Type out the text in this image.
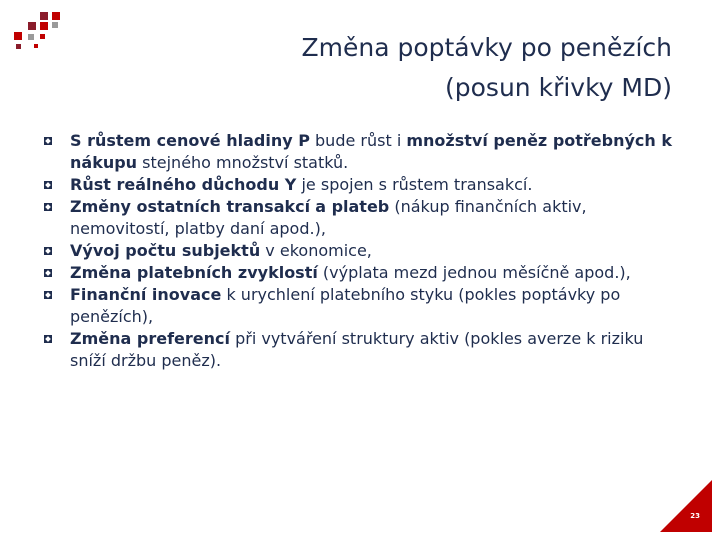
Změna poptávky po penězích
(posun křivky MD)
S růstem cenové hladiny P bude růst i množství peněz potřebných k nákupu stejného množství statků.
Růst reálného důchodu Y je spojen s růstem transakcí.
Změny ostatních transakcí a plateb (nákup finančních aktiv, nemovitostí, platby daní apod.),
Vývoj počtu subjektů v ekonomice,
Změna platebních zvyklostí (výplata mezd jednou měsíčně apod.),
Finanční inovace k urychlení platebního styku (pokles poptávky po penězích),
Změna preferencí při vytváření struktury aktiv (pokles averze k riziku sníží držbu peněz).
23
